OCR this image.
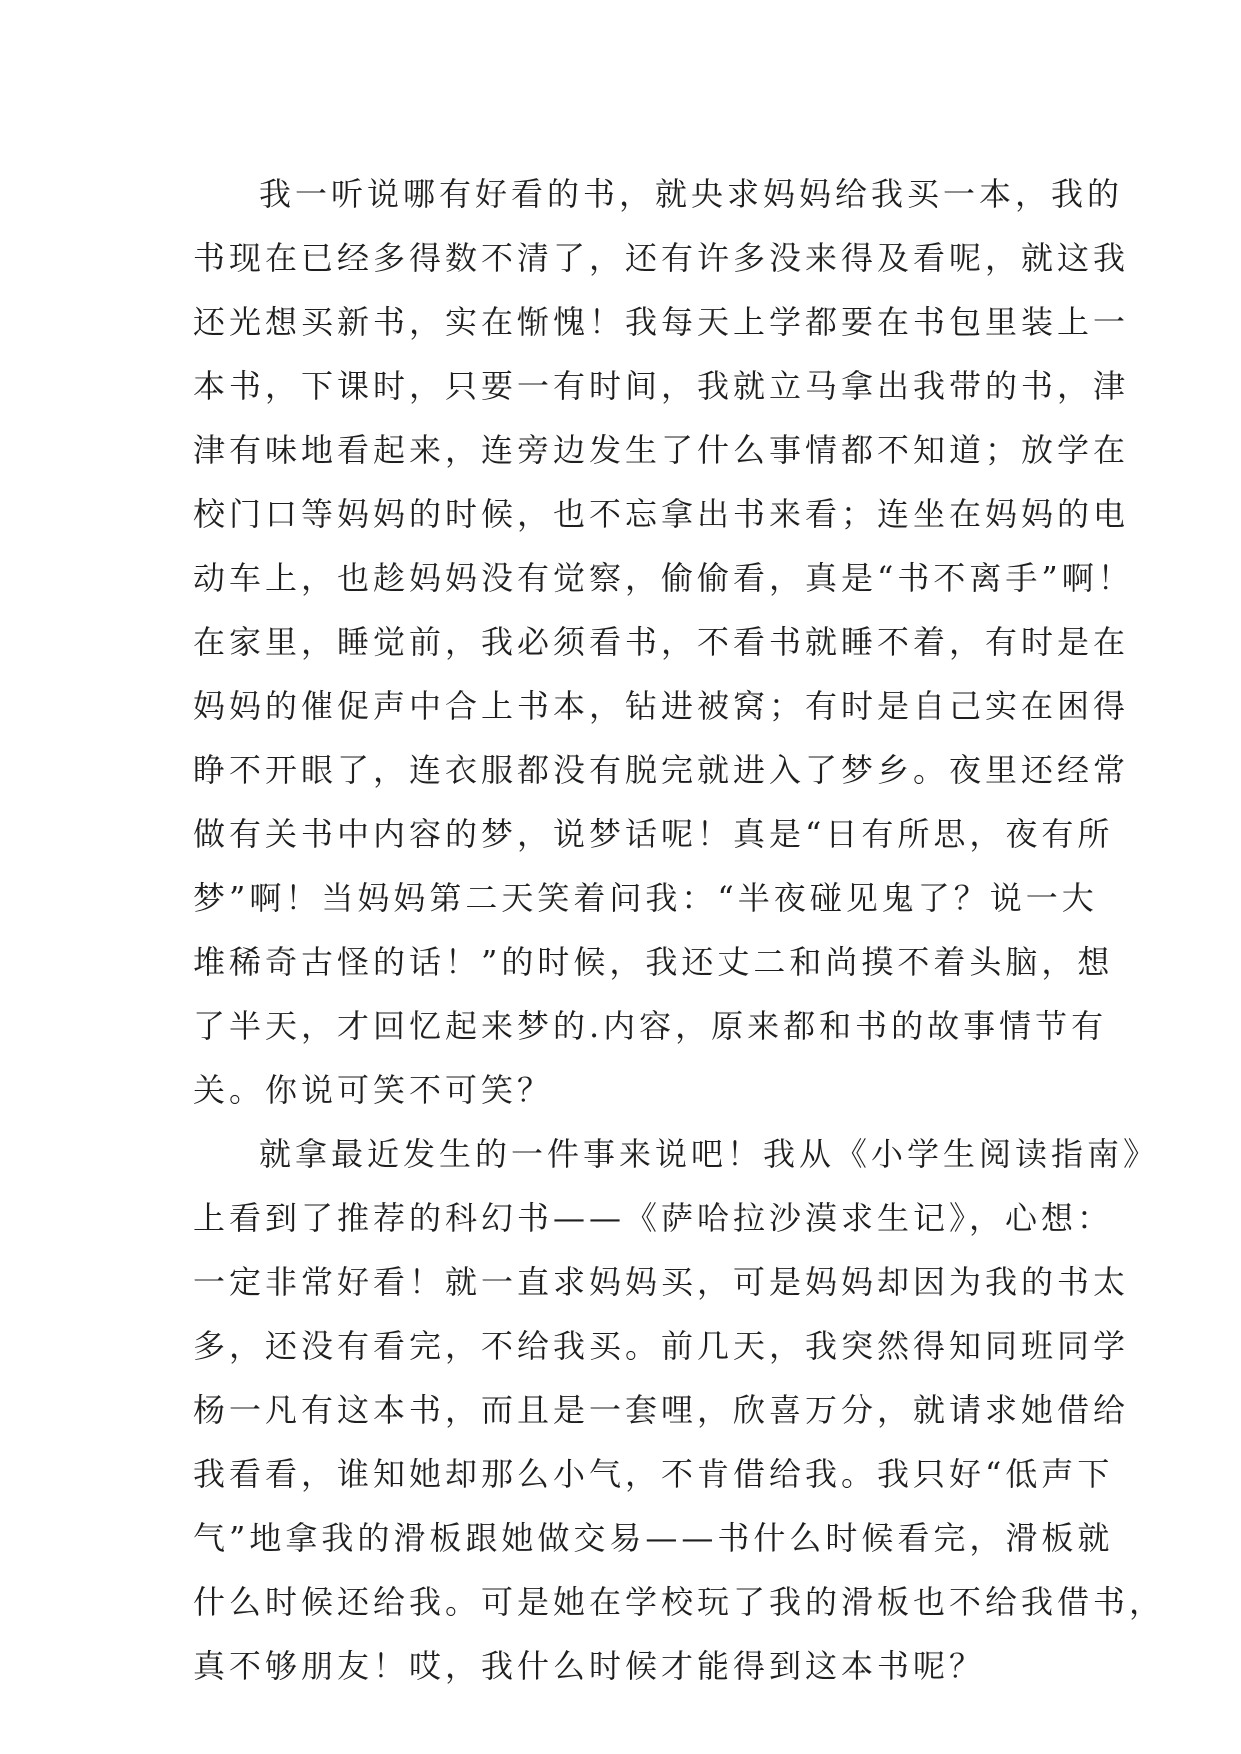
我一听说哪有好看的书，就央求妈妈给我买一本，我的
书现在已经多得数不清了，还有许多没来得及看呢，就这我
还光想买新书，实在惭愧！我每天上学都要在书包里装上一
本书，下课时，只要一有时间，我就立马拿出我带的书，津
津有味地看起来，连旁边发生了什么事情都不知道；放学在
校门口等妈妈的时候，也不忘拿出书来看；连坐在妈妈的电
动车上，也趁妈妈没有觉察，偷偷看，真是“书不离手”啊！
在家里，睡觉前，我必须看书，不看书就睡不着，有时是在
妈妈的催促声中合上书本，钻进被窝；有时是自己实在困得
睁不开眼了，连衣服都没有脱完就进入了梦乡。夜里还经常
做有关书中内容的梦，说梦话呢！真是“日有所思，夜有所
梦”啊！当妈妈第二天笑着问我：“半夜碰见鬼了？说一大
堆稀奇古怪的话！”的时候，我还丈二和尚摸不着头脑，想
了半天，才回忆起来梦的.内容，原来都和书的故事情节有
关。你说可笑不可笑？
就拿最近发生的一件事来说吧！我从《小学生阅读指南》
上看到了推荐的科幻书——《萨哈拉沙漠求生记》，心想：
一定非常好看！就一直求妈妈买，可是妈妈却因为我的书太
多，还没有看完，不给我买。前几天，我突然得知同班同学
杨一凡有这本书，而且是一套哩，欣喜万分，就请求她借给
我看看，谁知她却那么小气，不肯借给我。我只好“低声下
气”地拿我的滑板跟她做交易——书什么时候看完，滑板就
什么时候还给我。可是她在学校玩了我的滑板也不给我借书，
真不够朋友！哎，我什么时候才能得到这本书呢？
